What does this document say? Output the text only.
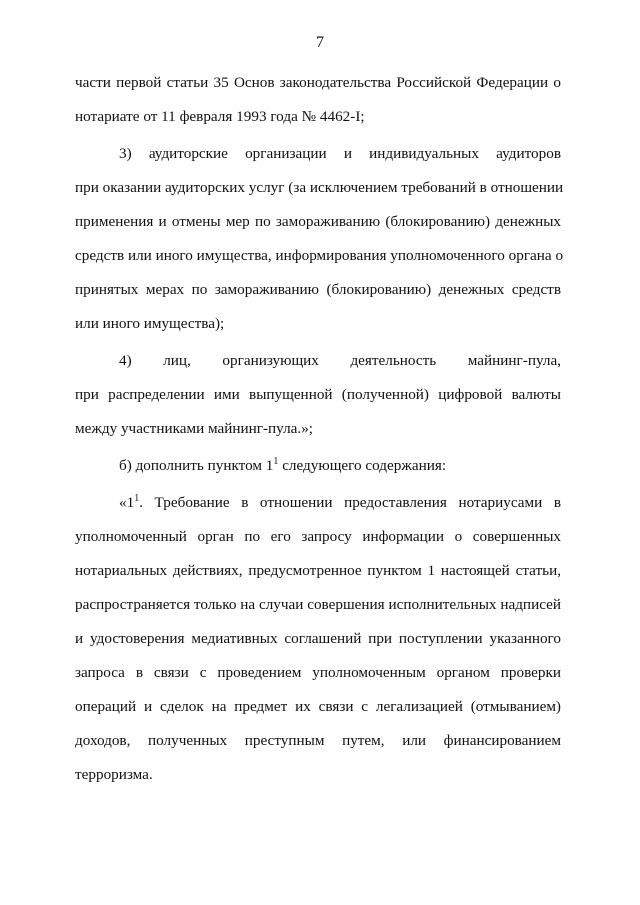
7
части первой статьи 35 Основ законодательства Российской Федерации о
нотариате от 11 февраля 1993 года № 4462-I;
3) аудиторские организации и индивидуальных аудиторов
при оказании аудиторских услуг (за исключением требований в отношении
применения и отмены мер по замораживанию (блокированию) денежных
средств или иного имущества, информирования уполномоченного органа о
принятых мерах по замораживанию (блокированию) денежных средств
или иного имущества);
4) лиц, организующих деятельность майнинг-пула,
при распределении ими выпущенной (полученной) цифровой валюты
между участниками майнинг-пула.»;
б) дополнить пунктом 1$^1$ следующего содержания:
«1$^1$. Требование в отношении предоставления нотариусами в
уполномоченный орган по его запросу информации о совершенных
нотариальных действиях, предусмотренное пунктом 1 настоящей статьи,
распространяется только на случаи совершения исполнительных надписей
и удостоверения медиативных соглашений при поступлении указанного
запроса в связи с проведением уполномоченным органом проверки
операций и сделок на предмет их связи с легализацией (отмыванием)
доходов, полученных преступным путем, или финансированием
терроризма.
